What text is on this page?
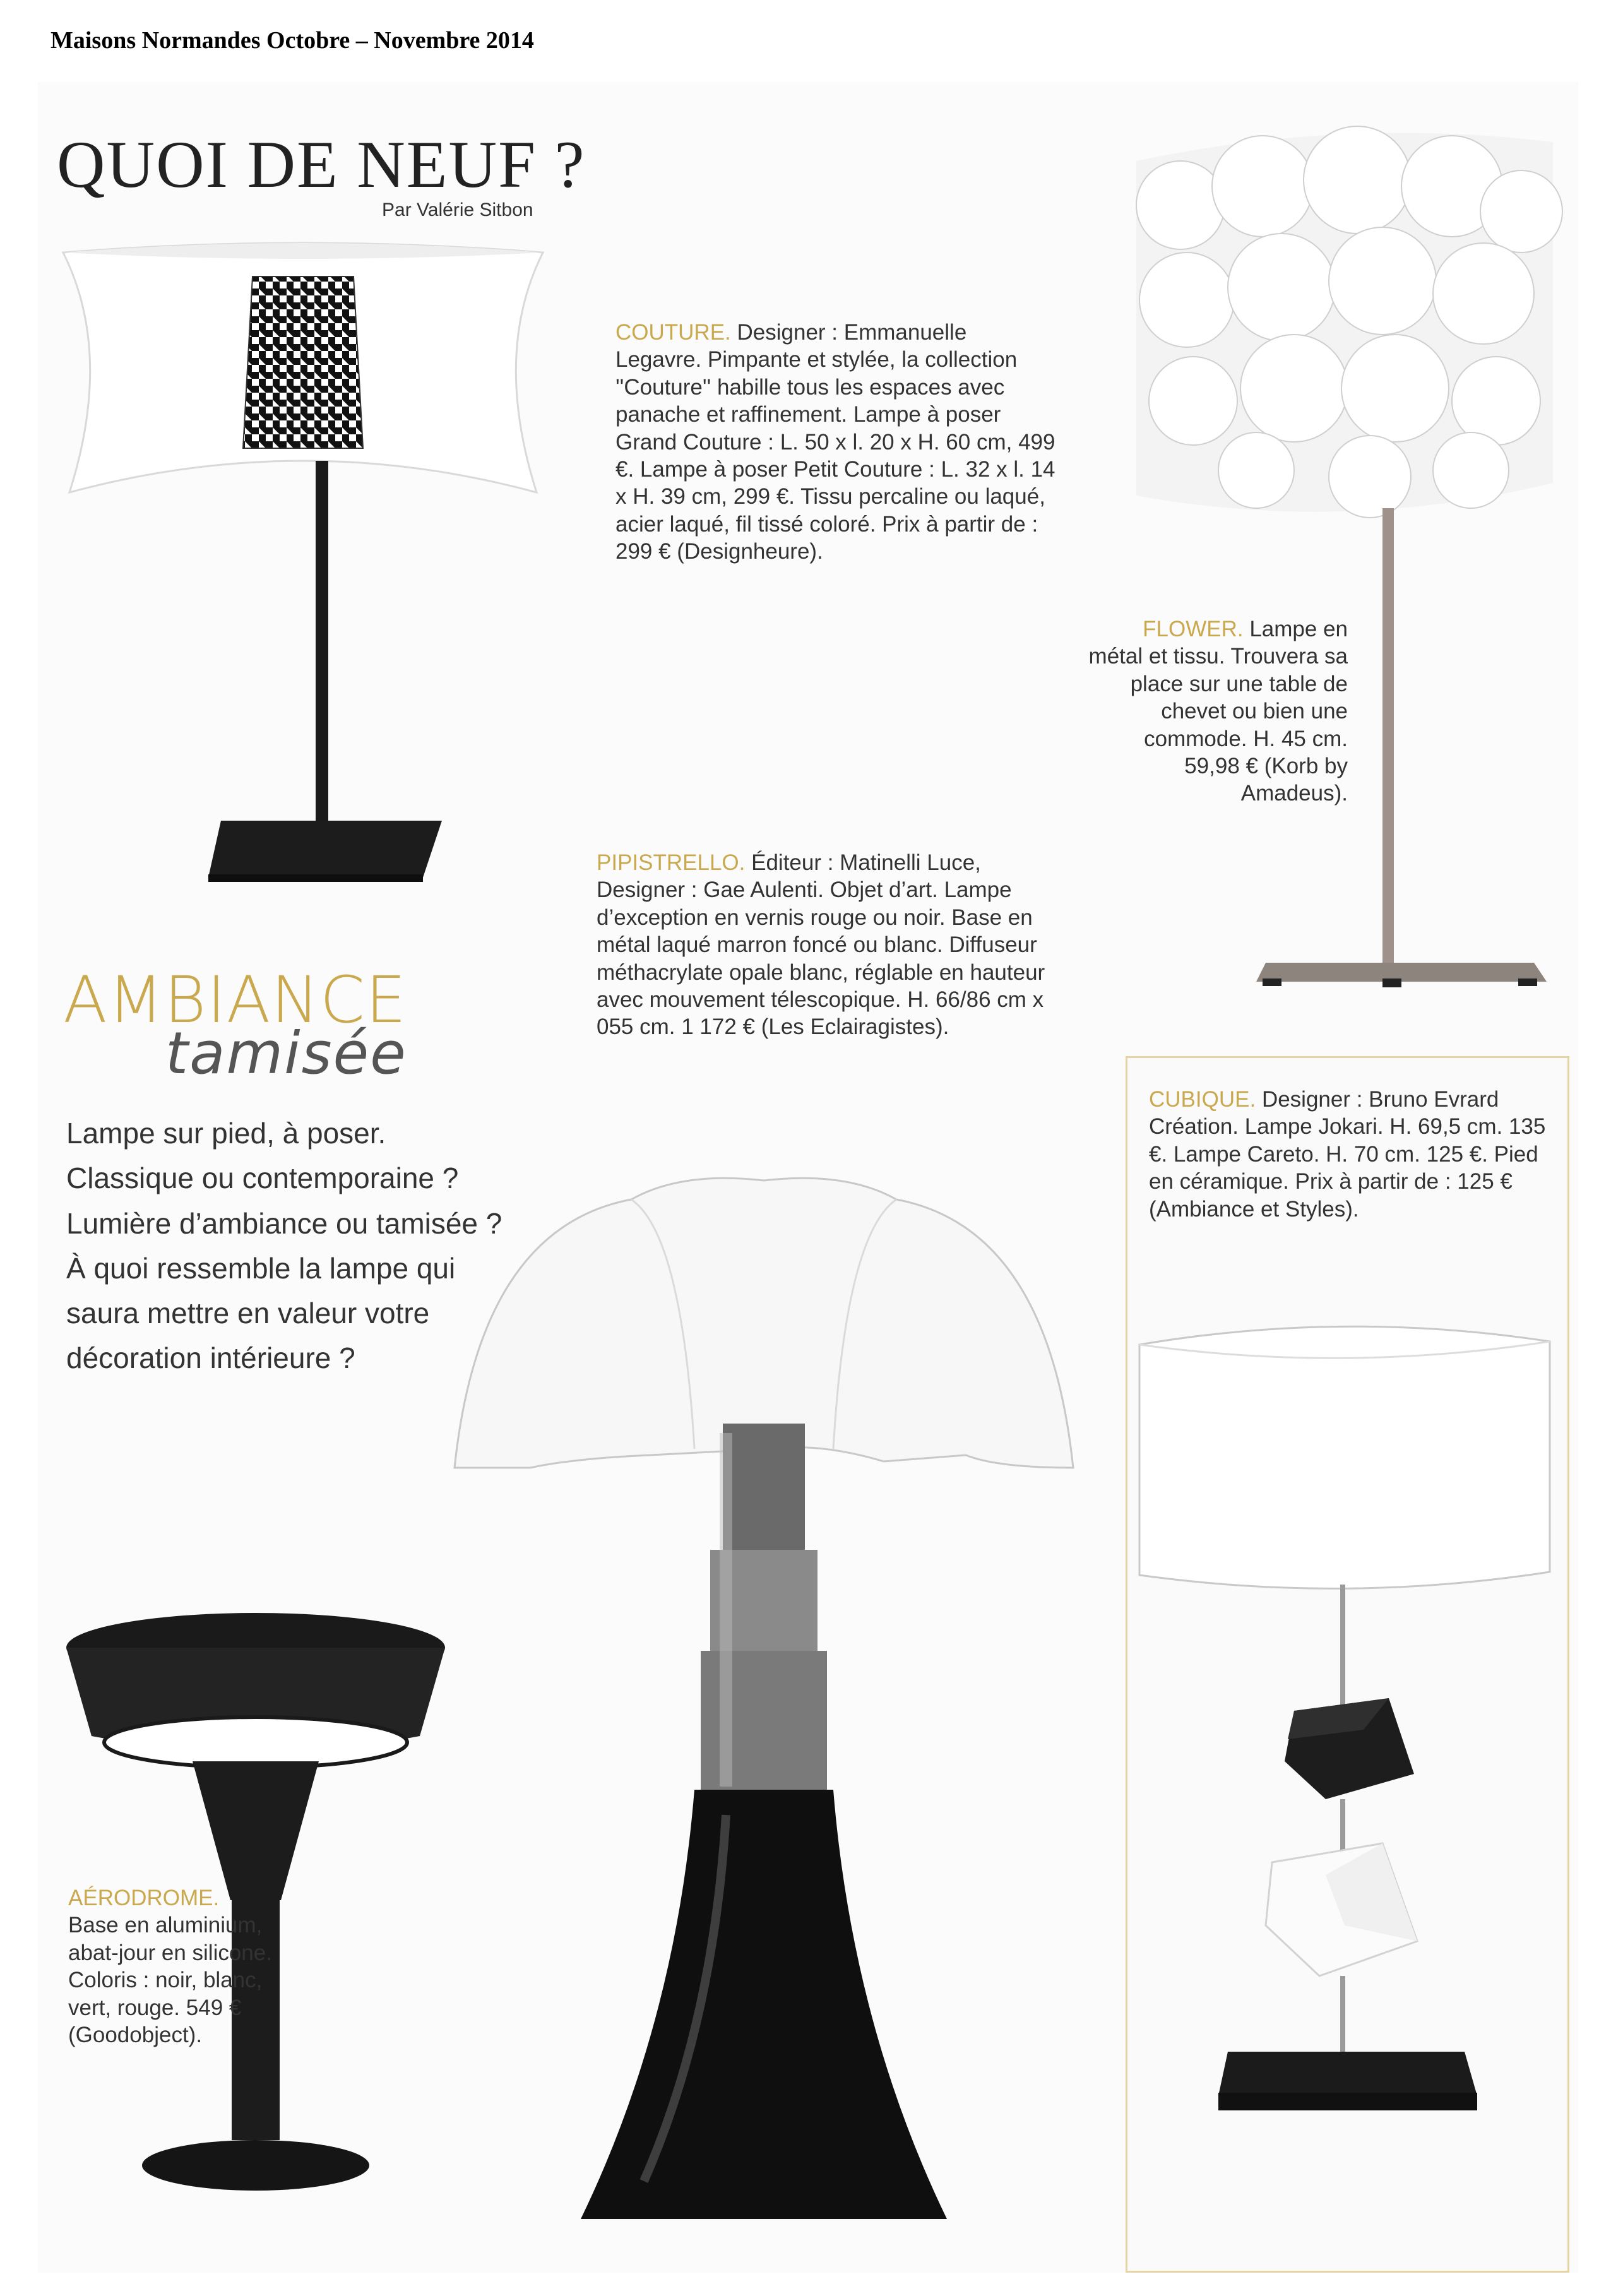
Maisons Normandes Octobre – Novembre 2014
QUOI DE NEUF ?
Par Valérie Sitbon
COUTURE. Designer : Emmanuelle Legavre. Pimpante et stylée, la collection ''Couture'' habille tous les espaces avec panache et raffinement. Lampe à poser Grand Couture : L. 50 x l. 20 x H. 60 cm, 499 €. Lampe à poser Petit Couture : L. 32 x l. 14 x H. 39 cm, 299 €. Tissu percaline ou laqué, acier laqué, fil tissé coloré. Prix à partir de : 299 € (Designheure).
FLOWER. Lampe en métal et tissu. Trouvera sa place sur une table de chevet ou bien une commode. H. 45 cm. 59,98 € (Korb by Amadeus).
PIPISTRELLO. Éditeur : Matinelli Luce, Designer : Gae Aulenti. Objet d’art. Lampe d’exception en vernis rouge ou noir. Base en métal laqué marron foncé ou blanc. Diffuseur méthacrylate opale blanc, réglable en hauteur avec mouvement télescopique. H. 66/86 cm x 055 cm. 1 172 € (Les Eclairagistes).
AMBIANCE
tamisée
Lampe sur pied, à poser. Classique ou contemporaine ? Lumière d’ambiance ou tamisée ? À quoi ressemble la lampe qui saura mettre en valeur votre décoration intérieure ?
AÉRODROME.
Base en aluminium, abat-jour en silicone. Coloris : noir, blanc, vert, rouge. 549 € (Goodobject).
CUBIQUE. Designer : Bruno Evrard Création. Lampe Jokari. H. 69,5 cm. 135 €. Lampe Careto. H. 70 cm. 125 €. Pied en céramique. Prix à partir de : 125 € (Ambiance et Styles).
